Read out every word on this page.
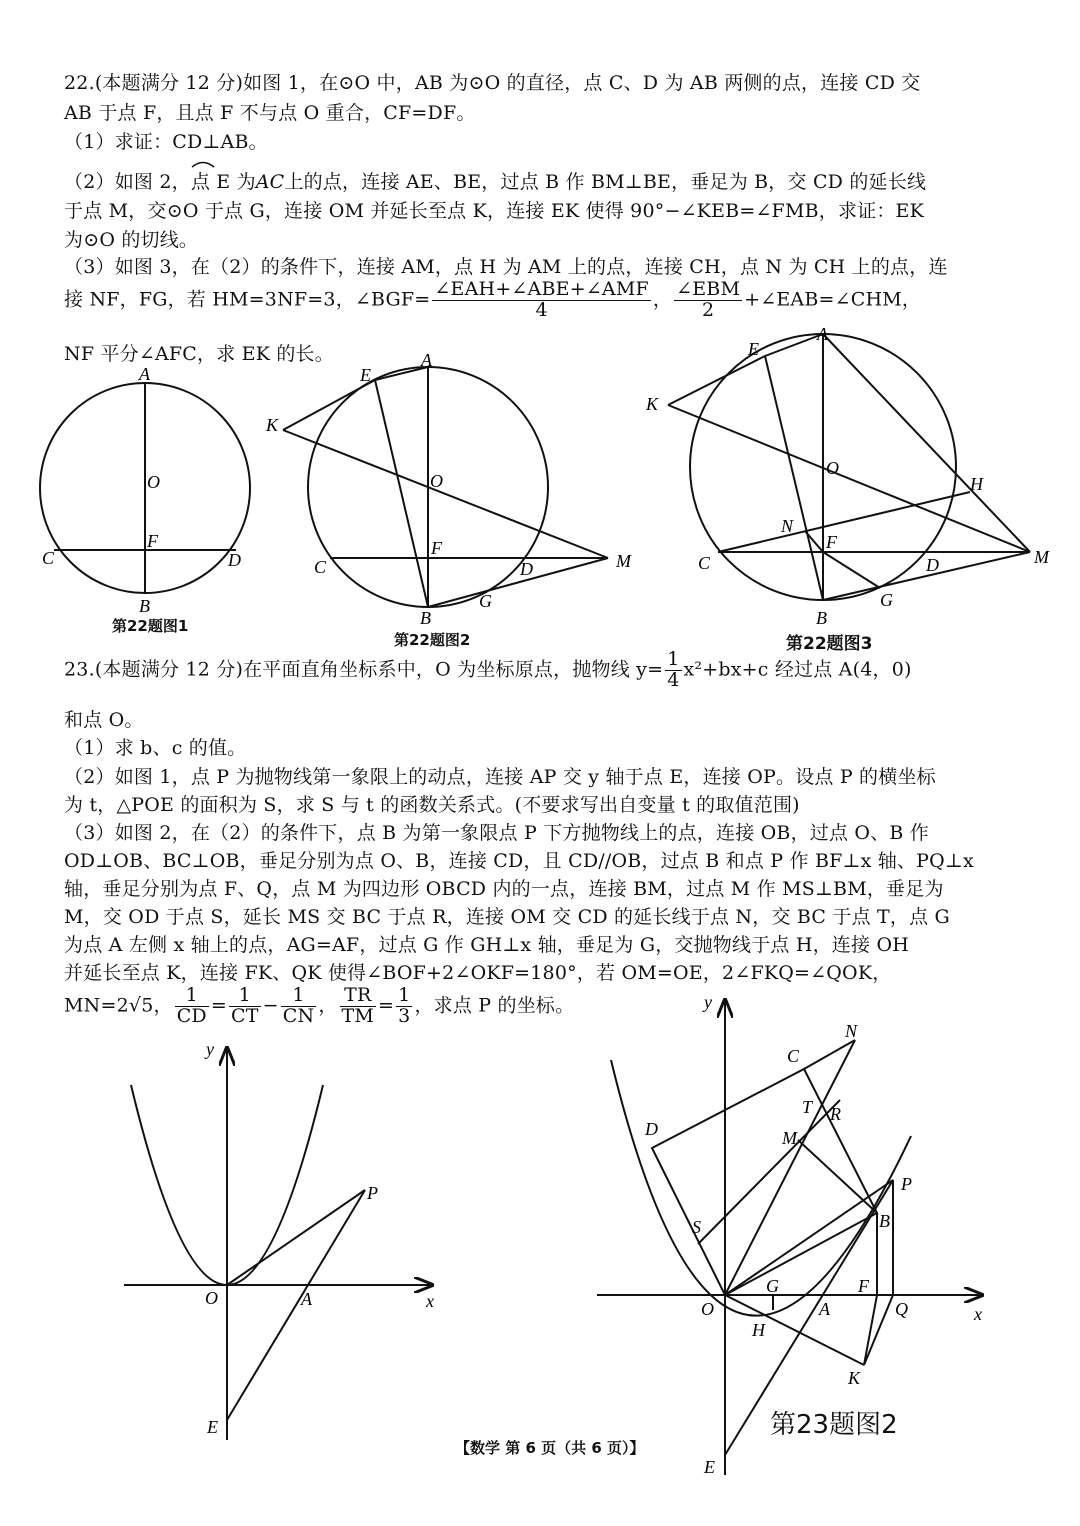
22.(本题满分 12 分)如图 1，在⊙O 中，AB 为⊙O 的直径，点 C、D 为 AB 两侧的点，连接 CD 交
AB 于点 F，且点 F 不与点 O 重合，CF=DF。
（1）求证：CD⊥AB。
（2）如图 2，点 E 为AC上的点，连接 AE、BE，过点 B 作 BM⊥BE，垂足为 B，交 CD 的延长线
于点 M，交⊙O 于点 G，连接 OM 并延长至点 K，连接 EK 使得 90°−∠KEB=∠FMB，求证：EK
为⊙O 的切线。
（3）如图 3，在（2）的条件下，连接 AM，点 H 为 AM 上的点，连接 CH，点 N 为 CH 上的点，连
接 NF，FG，若 HM=3NF=3，∠BGF= $\frac{\text{∠EAH+∠ABE+∠AMF}}{4}$ ， $\frac{\text{∠EBM}}{2}$ +∠EAB=∠CHM，
NF 平分∠AFC，求 EK 的长。
A
O
F
C	D
B
E
A
K
O
F
C	D	M
G
B
E
A
K
O
H
N
F
C	D	M
G
B
第22题图1
第22题图2	第22题图3
23.(本题满分 12 分)在平面直角坐标系中，O 为坐标原点，抛物线 $y= \frac{1}{4} x^2+bx+c$ 经过点 A(4，0)
和点 O。
（1）求 b、c 的值。
（2）如图 1，点 P 为抛物线第一象限上的动点，连接 AP 交 y 轴于点 E，连接 OP。设点 P 的横坐标
为 t，△POE 的面积为 S，求 S 与 t 的函数关系式。(不要求写出自变量 t 的取值范围)
（3）如图 2，在（2）的条件下，点 B 为第一象限点 P 下方抛物线上的点，连接 OB，过点 O、B 作
OD⊥OB、BC⊥OB，垂足分别为点 O、B，连接 CD，且 CD//OB，过点 B 和点 P 作 BF⊥x 轴、PQ⊥x
轴，垂足分别为点 F、Q，点 M 为四边形 OBCD 内的一点，连接 BM，过点 M 作 MS⊥BM，垂足为
M，交 OD 于点 S，延长 MS 交 BC 于点 R，连接 OM 交 CD 的延长线于点 N，交 BC 于点 T，点 G
为点 A 左侧 x 轴上的点，AG=AF，过点 G 作 GH⊥x 轴，垂足为 G，交抛物线于点 H，连接 OH
并延长至点 K，连接 FK、QK 使得∠BOF+2∠OKF=180°，若 OM=OE，2∠FKQ=∠QOK，
MN=2√5， $\frac{1}{CD} = \frac{1}{CT} - \frac{1}{CN}$ ， $\frac{TR}{TM} = \frac{1}{3}$ ，求点 P 的坐标。
O	A
P
E
x
y
y
x
N
C
T R
D	M
P
S	B
G	F
O	A	Q
H
K
E
第23题图2
【数学 第 6 页（共 6 页）】
